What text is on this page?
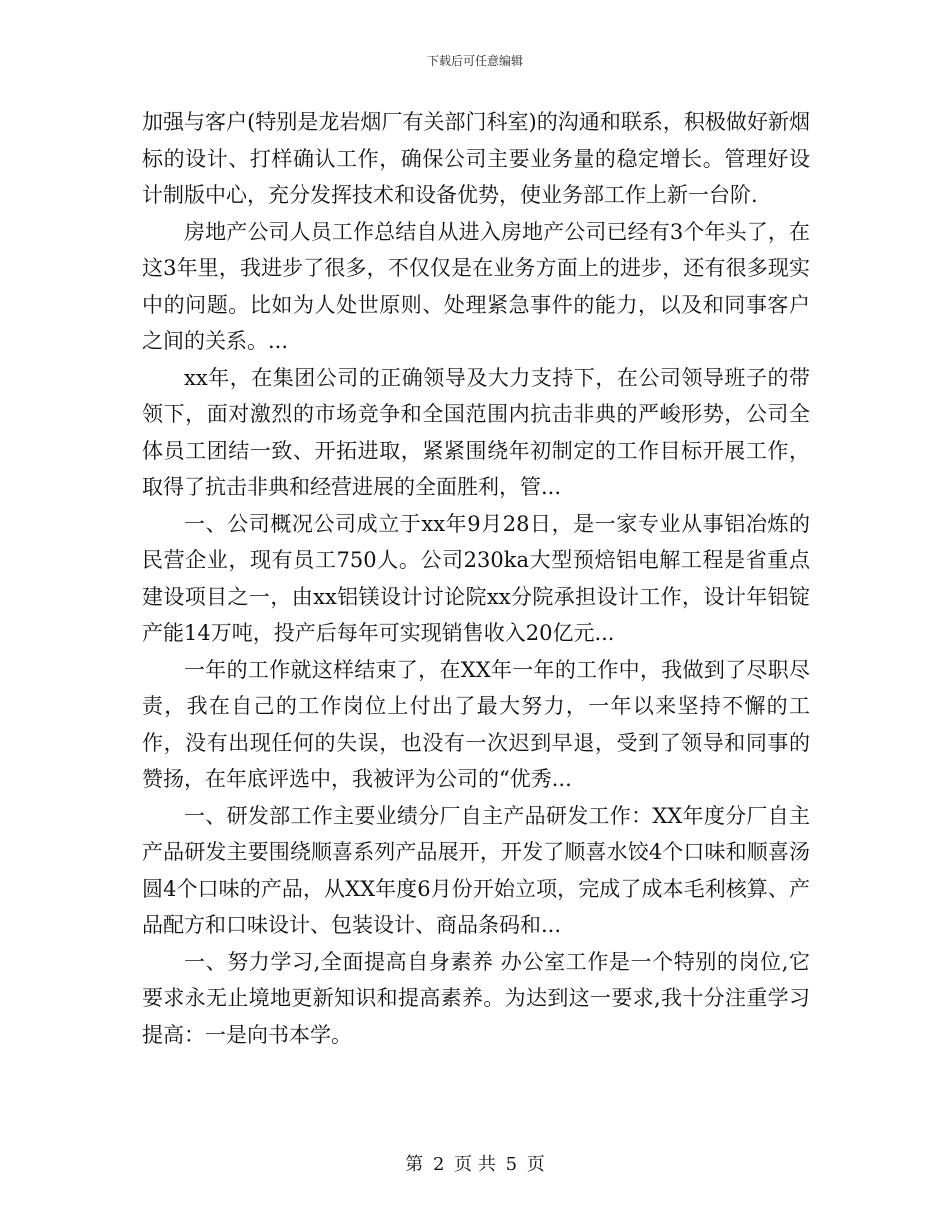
下载后可任意编辑

加强与客户(特别是龙岩烟厂有关部门科室)的沟通和联系，积极做好新烟标的设计、打样确认工作，确保公司主要业务量的稳定增长。管理好设计制版中心，充分发挥技术和设备优势，使业务部工作上新一台阶.

房地产公司人员工作总结自从进入房地产公司已经有3个年头了，在这3年里，我进步了很多，不仅仅是在业务方面上的进步，还有很多现实中的问题。比如为人处世原则、处理紧急事件的能力，以及和同事客户之间的关系。...

xx年，在集团公司的正确领导及大力支持下，在公司领导班子的带领下，面对激烈的市场竞争和全国范围内抗击非典的严峻形势，公司全体员工团结一致、开拓进取，紧紧围绕年初制定的工作目标开展工作，取得了抗击非典和经营进展的全面胜利，管...

一、公司概况公司成立于xx年9月28日，是一家专业从事铝冶炼的民营企业，现有员工750人。公司230ka大型预焙铝电解工程是省重点建设项目之一，由xx铝镁设计讨论院xx分院承担设计工作，设计年铝锭产能14万吨，投产后每年可实现销售收入20亿元...

一年的工作就这样结束了，在XX年一年的工作中，我做到了尽职尽责，我在自己的工作岗位上付出了最大努力，一年以来坚持不懈的工作，没有出现任何的失误，也没有一次迟到早退，受到了领导和同事的赞扬，在年底评选中，我被评为公司的“优秀...

一、研发部工作主要业绩分厂自主产品研发工作：XX年度分厂自主产品研发主要围绕顺喜系列产品展开，开发了顺喜水饺4个口味和顺喜汤圆4个口味的产品，从XX年度6月份开始立项，完成了成本毛利核算、产品配方和口味设计、包装设计、商品条码和...

一、努力学习,全面提高自身素养 办公室工作是一个特别的岗位,它要求永无止境地更新知识和提高素养。为达到这一要求,我十分注重学习提高：一是向书本学。

第 2 页 共 5 页
